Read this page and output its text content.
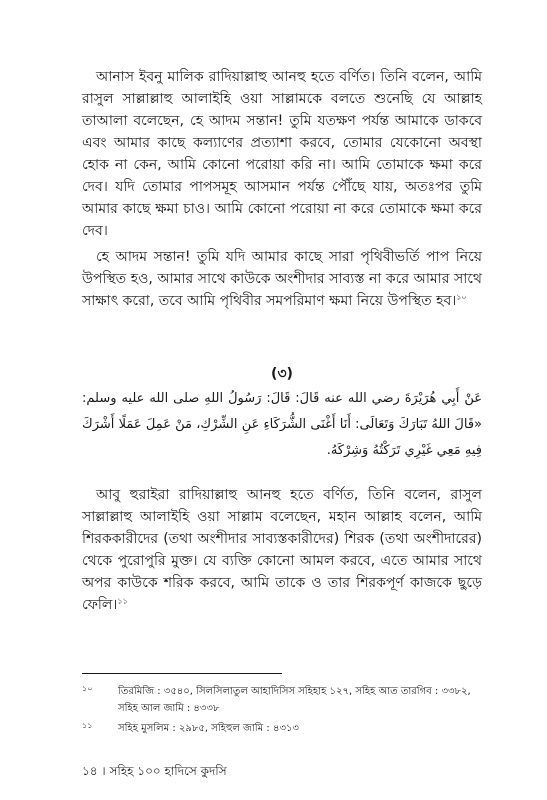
 আনাস ইবনু মালিক রাদিয়াল্লাহু আনহু হতে বর্ণিত। তিনি বলেন, আমি রাসুল সাল্লাল্লাহু আলাইহি ওয়া সাল্লামকে বলতে শুনেছি যে আল্লাহ তাআলা বলেছেন, হে আদম সন্তান! তুমি যতক্ষণ পর্যন্ত আমাকে ডাকবে এবং আমার কাছে কল্যাণের প্রত্যাশা করবে, তোমার যেকোনো অবস্থা হোক না কেন, আমি কোনো পরোয়া করি না। আমি তোমাকে ক্ষমা করে দেব। যদি তোমার পাপসমূহ আসমান পর্যন্ত পৌঁছে যায়, অতঃপর তুমি আমার কাছে ক্ষমা চাও। আমি কোনো পরোয়া না করে তোমাকে ক্ষমা করে দেব।

 হে আদম সন্তান! তুমি যদি আমার কাছে সারা পৃথিবীভর্তি পাপ নিয়ে উপস্থিত হও, আমার সাথে কাউকে অংশীদার সাব্যস্ত না করে আমার সাথে সাক্ষাৎ করো, তবে আমি পৃথিবীর সমপরিমাণ ক্ষমা নিয়ে উপস্থিত হব।$^{১০}$

(৩)

عَنْ أَبِي هُرَيْرَةَ رضي الله عنه قَالَ: قَالَ: رَسُولُ اللهِ صلى الله عليه وسلم: «قَالَ اللهُ تَبَارَكَ وَتَعَالَى: أَنَا أَغْنَى الشُّرَكَاءِ عَنِ الشِّرْكِ، مَنْ عَمِلَ عَمَلًا أَشْرَكَ فِيهِ مَعِي غَيْرِي تَرَكْتُهُ وَشِرْكَهُ.

 আবু হুরাইরা রাদিয়াল্লাহু আনহু হতে বর্ণিত, তিনি বলেন, রাসুল সাল্লাল্লাহু আলাইহি ওয়া সাল্লাম বলেছেন, মহান আল্লাহ বলেন, আমি শিরককারীদের (তথা অংশীদার সাব্যস্তকারীদের) শিরক (তথা অংশীদারের) থেকে পুরোপুরি মুক্ত। যে ব্যক্তি কোনো আমল করবে, এতে আমার সাথে অপর কাউকে শরিক করবে, আমি তাকে ও তার শিরকপূর্ণ কাজকে ছুড়ে ফেলি।$^{১১}$

১০	তিরমিজি : ৩৫৪০, সিলসিলাতুল আহাদিসিস সহিহাহ ১২৭, সহিহ আত তারগিব : ৩৩৮২, সহিহ আল জামি : ৪৩৩৮

১১	সহিহ মুসলিম : ২৯৮৫, সহিহুল জামি : ৪৩১৩

১৪ । সহিহ ১০০ হাদিসে কুদসি
